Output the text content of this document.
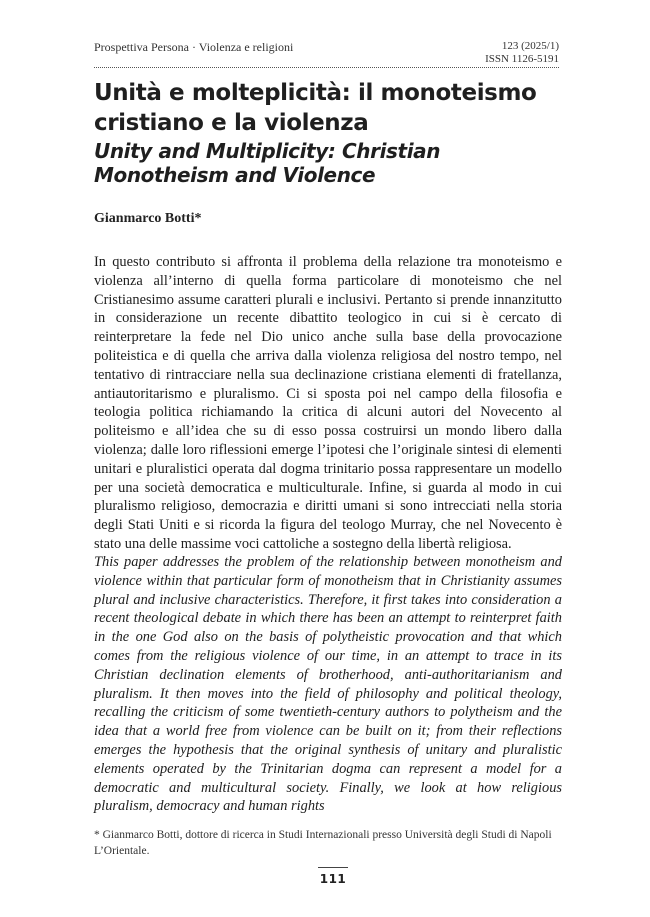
Prospettiva Persona · Violenza e religioni	123 (2025/1)
ISSN 1126-5191
Unità e molteplicità: il monoteismo cristiano e la violenza
Unity and Multiplicity: Christian Monotheism and Violence
Gianmarco Botti*

In questo contributo si affronta il problema della relazione tra monoteismo e violenza all’interno di quella forma particolare di monoteismo che nel Cristianesimo assume caratteri plurali e inclusivi. Pertanto si prende innanzitutto in considerazione un recente dibattito teologico in cui si è cercato di reinterpretare la fede nel Dio unico anche sulla base della provocazione politeistica e di quella che arriva dalla violenza religiosa del nostro tempo, nel tentativo di rintracciare nella sua declinazione cristiana elementi di fratellanza, antiautoritarismo e pluralismo. Ci si sposta poi nel campo della filosofia e teologia politica richiamando la critica di alcuni autori del Novecento al politeismo e all’idea che su di esso possa costruirsi un mondo libero dalla violenza; dalle loro riflessioni emerge l’ipotesi che l’originale sintesi di elementi unitari e pluralistici operata dal dogma trinitario possa rappresentare un modello per una società democratica e multiculturale. Infine, si guarda al modo in cui pluralismo religioso, democrazia e diritti umani si sono intrecciati nella storia degli Stati Uniti e si ricorda la figura del teologo Murray, che nel Novecento è stato una delle massime voci cattoliche a sostegno della libertà religiosa.

This paper addresses the problem of the relationship between monotheism and violence within that particular form of monotheism that in Christianity assumes plural and inclusive characteristics. Therefore, it first takes into consideration a recent theological debate in which there has been an attempt to reinterpret faith in the one God also on the basis of polytheistic provocation and that which comes from the religious violence of our time, in an attempt to trace in its Christian declination elements of brotherhood, anti-authoritarianism and pluralism. It then moves into the field of philosophy and political theology, recalling the criticism of some twentieth-century authors to polytheism and the idea that a world free from violence can be built on it; from their reflections emerges the hypothesis that the original synthesis of unitary and pluralistic elements operated by the Trinitarian dogma can represent a model for a democratic and multicultural society. Finally, we look at how religious pluralism, democracy and human rights

* Gianmarco Botti, dottore di ricerca in Studi Internazionali presso Università degli Studi di Napoli L’Orientale.
111
